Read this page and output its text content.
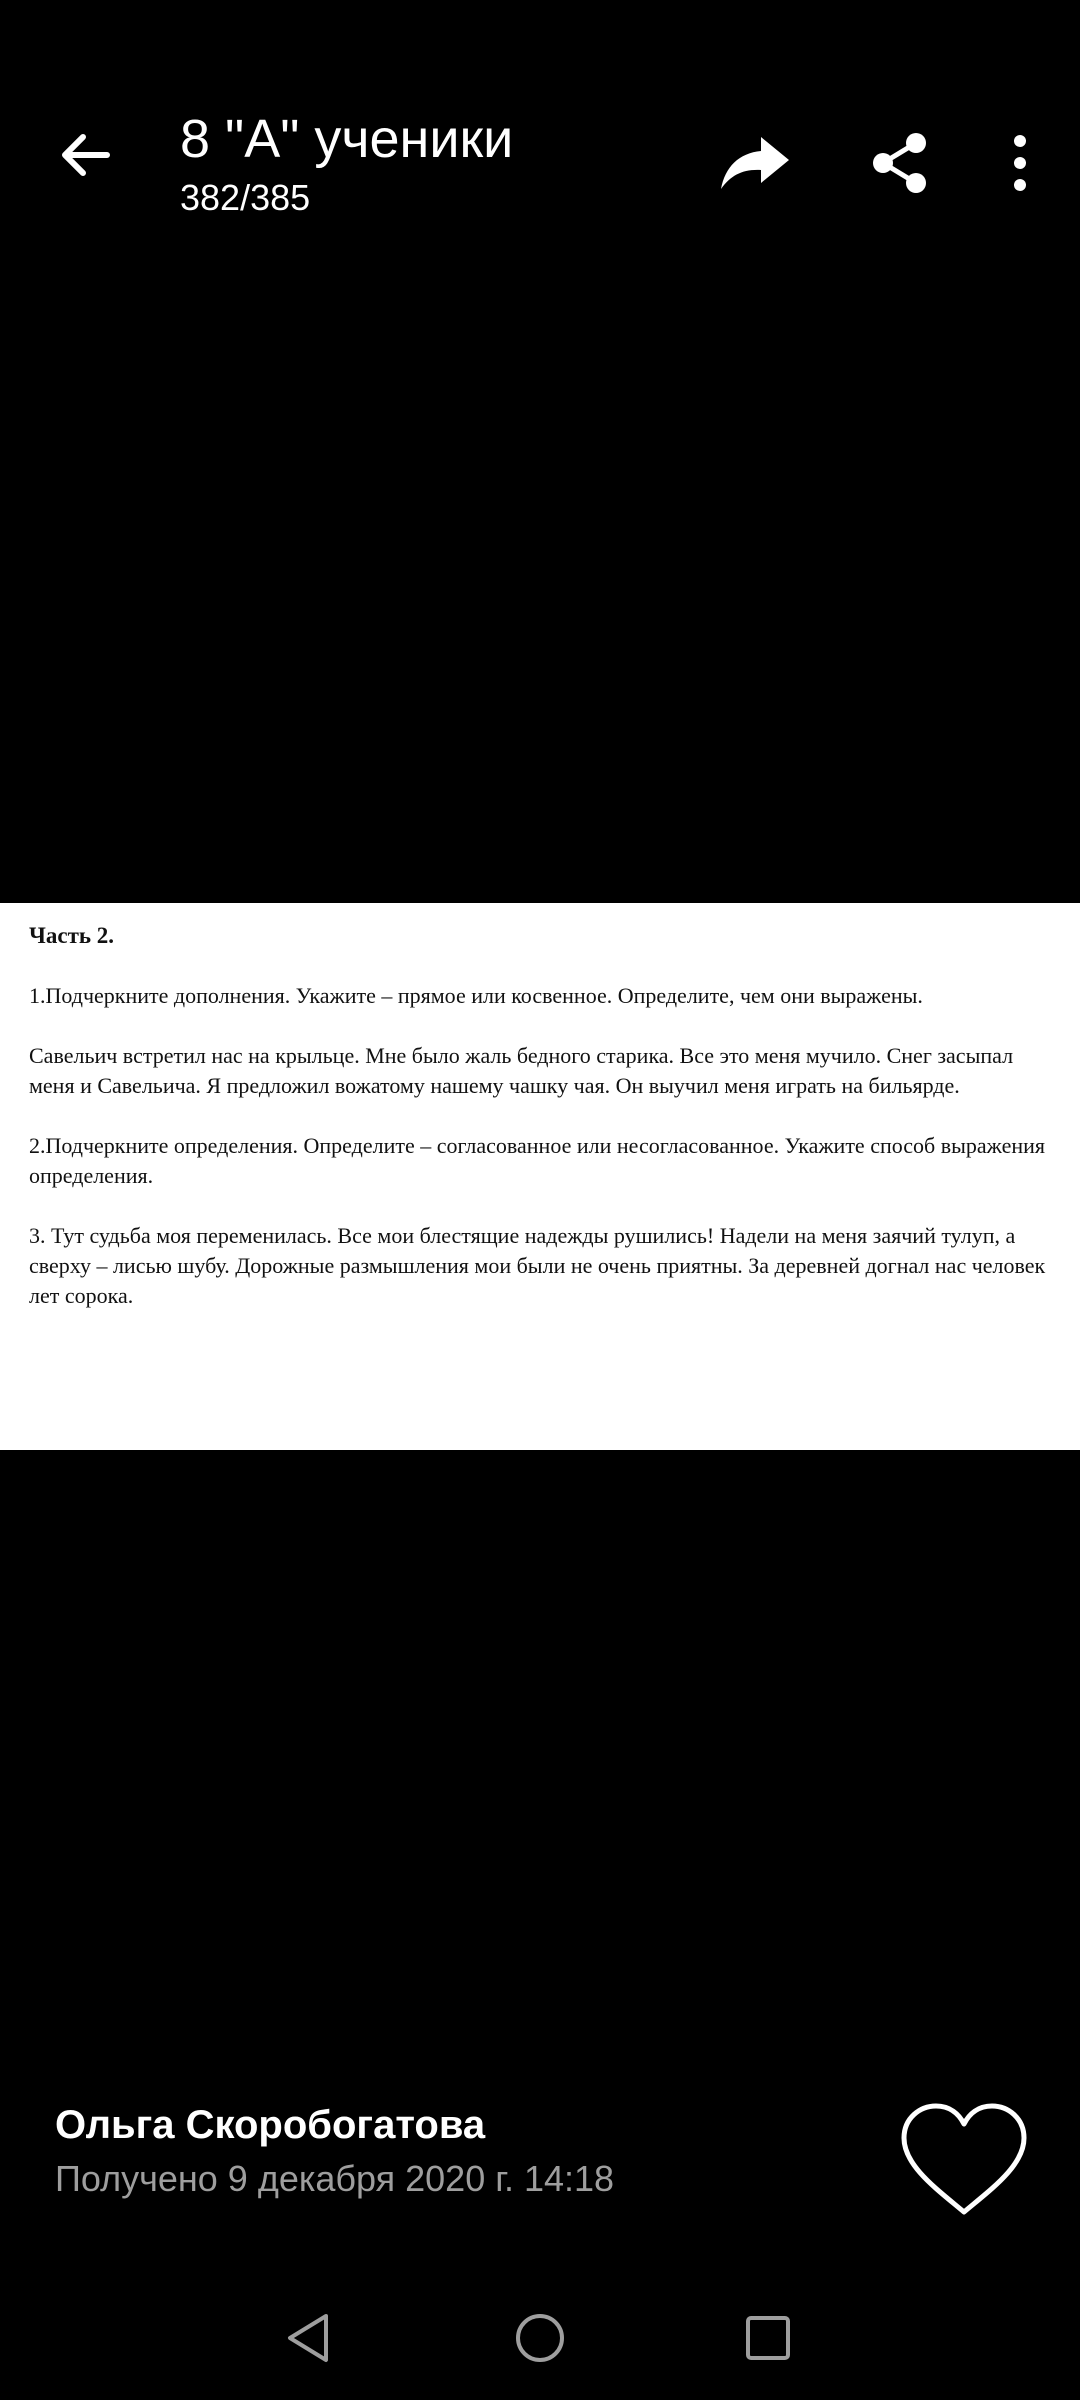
8 "А" ученики
382/385

Часть 2.

1.Подчеркните дополнения. Укажите – прямое или косвенное. Определите, чем они выражены.

Савельич встретил нас на крыльце. Мне было жаль бедного старика. Все это меня мучило. Снег засыпал меня и Савельича. Я предложил вожатому нашему чашку чая. Он выучил меня играть на бильярде.

2.Подчеркните определения. Определите – согласованное или несогласованное. Укажите способ выражения определения.

3. Тут судьба моя переменилась. Все мои блестящие надежды рушились! Надели на меня заячий тулуп, а сверху – лисью шубу. Дорожные размышления мои были не очень приятны. За деревней догнал нас человек лет сорока.

Ольга Скоробогатова
Получено 9 декабря 2020 г. 14:18
